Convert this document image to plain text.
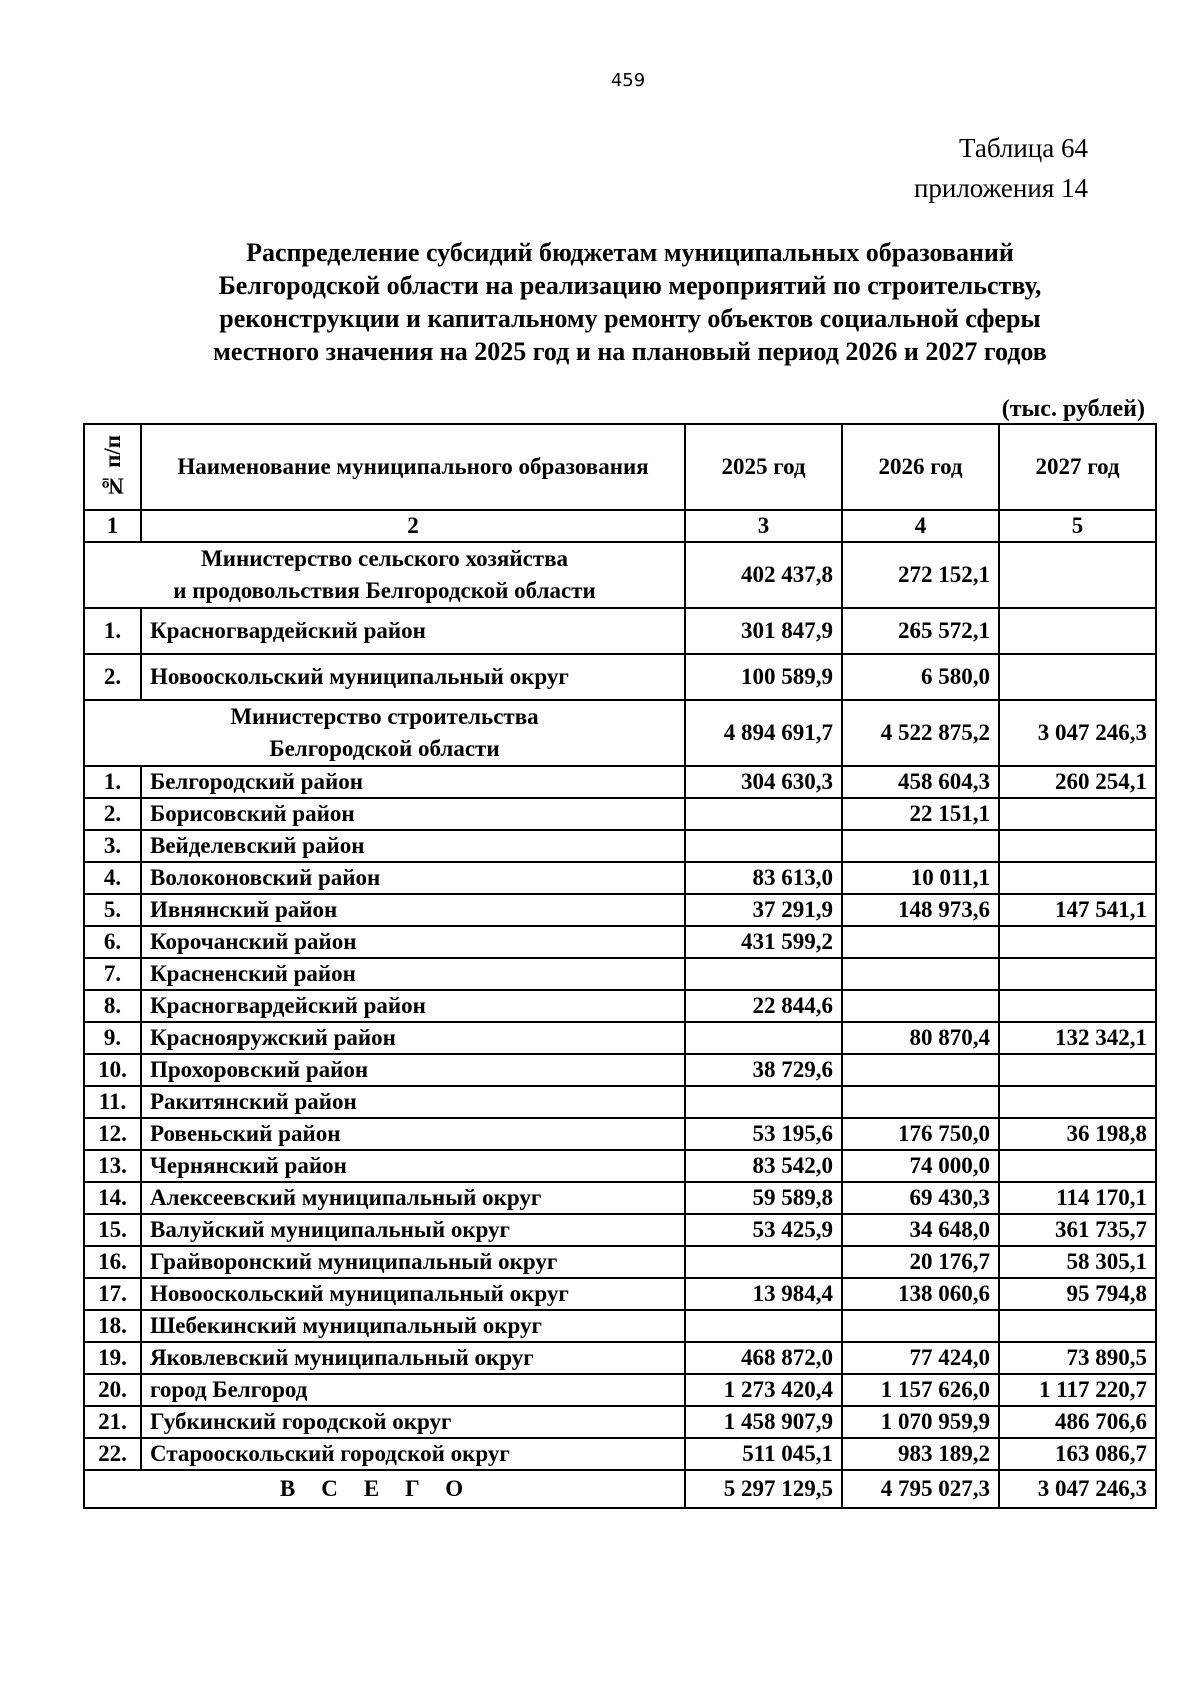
459
Таблица 64
приложения 14
Распределение субсидий бюджетам муниципальных образований
Белгородской области на реализацию мероприятий по строительству,
реконструкции и капитальному ремонту объектов социальной сферы
местного значения на 2025 год и на плановый период 2026 и 2027 годов
(тыс. рублей)
№ п/п	Наименование муниципального образования	2025 год	2026 год	2027 год
1	2	3	4	5

Министерство сельского хозяйства
и продовольствия Белгородской области		402 437,8	272 152,1	
1.	Красногвардейский район	301 847,9	265 572,1	
2.	Новооскольский муниципальный округ	100 589,9	6 580,0	

Министерство строительства
Белгородской области		4 894 691,7	4 522 875,2	3 047 246,3
1.	Белгородский район	304 630,3	458 604,3	260 254,1
2.	Борисовский район		22 151,1	
3.	Вейделевский район			
4.	Волоконовский район	83 613,0	10 011,1	
5.	Ивнянский район	37 291,9	148 973,6	147 541,1
6.	Корочанский район	431 599,2		
7.	Красненский район			
8.	Красногвардейский район	22 844,6		
9.	Краснояружский район		80 870,4	132 342,1
10.	Прохоровский район	38 729,6		
11.	Ракитянский район			
12.	Ровеньский район	53 195,6	176 750,0	36 198,8
13.	Чернянский район	83 542,0	74 000,0	
14.	Алексеевский муниципальный округ	59 589,8	69 430,3	114 170,1
15.	Валуйский муниципальный округ	53 425,9	34 648,0	361 735,7
16.	Грайворонский муниципальный округ		20 176,7	58 305,1
17.	Новооскольский муниципальный округ	13 984,4	138 060,6	95 794,8
18.	Шебекинский муниципальный округ			
19.	Яковлевский муниципальный округ	468 872,0	77 424,0	73 890,5
20.	город Белгород	1 273 420,4	1 157 626,0	1 117 220,7
21.	Губкинский городской округ	1 458 907,9	1 070 959,9	486 706,6
22.	Старооскольский городской округ	511 045,1	983 189,2	163 086,7
ВСЕГО		5 297 129,5	4 795 027,3	3 047 246,3
